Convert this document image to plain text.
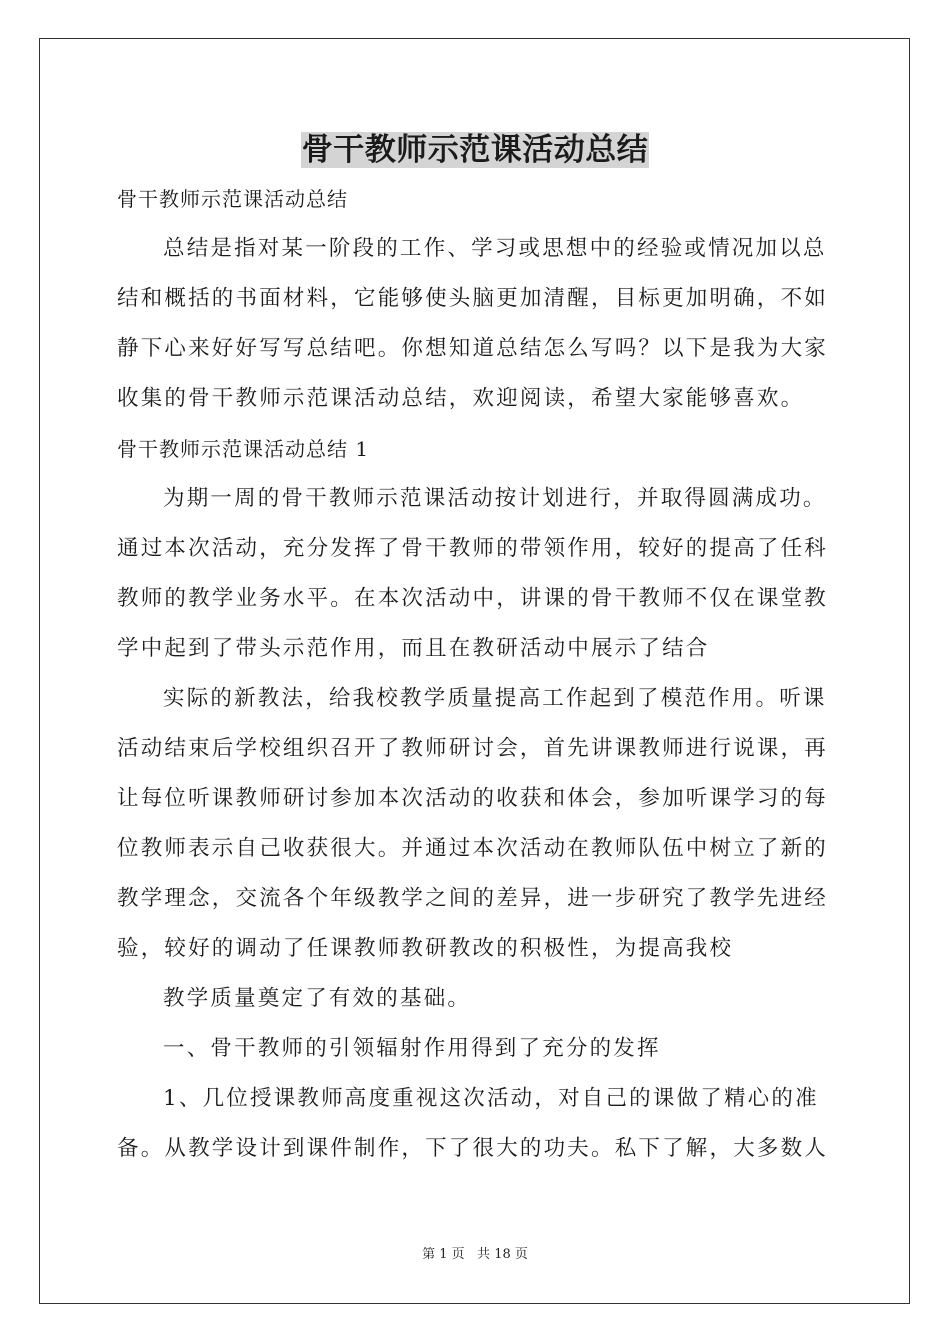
骨干教师示范课活动总结
骨干教师示范课活动总结
总结是指对某一阶段的工作、学习或思想中的经验或情况加以总
结和概括的书面材料，它能够使头脑更加清醒，目标更加明确，不如
静下心来好好写写总结吧。你想知道总结怎么写吗？以下是我为大家
收集的骨干教师示范课活动总结，欢迎阅读，希望大家能够喜欢。
骨干教师示范课活动总结 1
为期一周的骨干教师示范课活动按计划进行，并取得圆满成功。
通过本次活动，充分发挥了骨干教师的带领作用，较好的提高了任科
教师的教学业务水平。在本次活动中，讲课的骨干教师不仅在课堂教
学中起到了带头示范作用，而且在教研活动中展示了结合
实际的新教法，给我校教学质量提高工作起到了模范作用。听课
活动结束后学校组织召开了教师研讨会，首先讲课教师进行说课，再
让每位听课教师研讨参加本次活动的收获和体会，参加听课学习的每
位教师表示自己收获很大。并通过本次活动在教师队伍中树立了新的
教学理念，交流各个年级教学之间的差异，进一步研究了教学先进经
验，较好的调动了任课教师教研教改的积极性，为提高我校
教学质量奠定了有效的基础。
一、骨干教师的引领辐射作用得到了充分的发挥
1、几位授课教师高度重视这次活动，对自己的课做了精心的准
备。从教学设计到课件制作，下了很大的功夫。私下了解，大多数人
第 1 页   共 18 页
